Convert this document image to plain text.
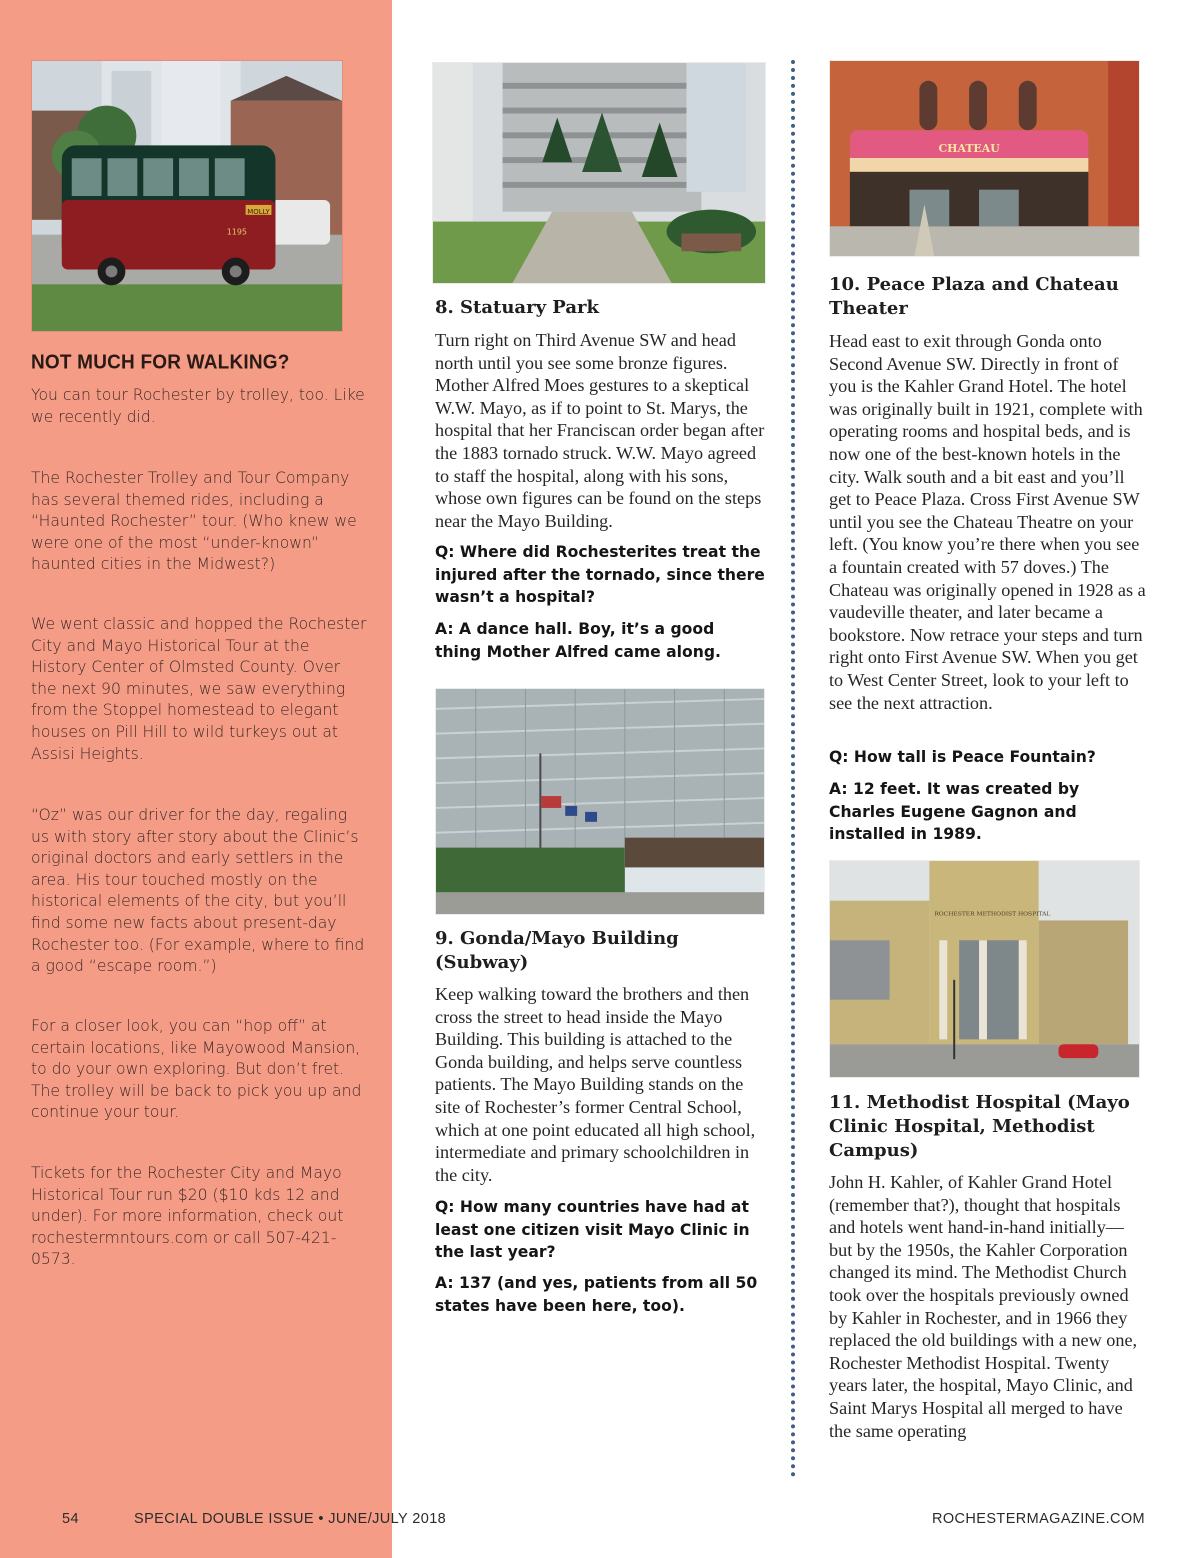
MOLLY
1195
NOT MUCH FOR WALKING?
You can tour Rochester by trolley, too. Like we recently did.
The Rochester Trolley and Tour Company has several themed rides, including a “Haunted Rochester” tour. (Who knew we were one of the most “under-known” haunted cities in the Midwest?)
We went classic and hopped the Rochester City and Mayo Historical Tour at the History Center of Olmsted County. Over the next 90 minutes, we saw everything from the Stoppel homestead to elegant houses on Pill Hill to wild turkeys out at Assisi Heights.
“Oz” was our driver for the day, regaling us with story after story about the Clinic’s original doctors and early settlers in the area. His tour touched mostly on the historical elements of the city, but you’ll find some new facts about present-day Rochester too. (For example, where to find a good “escape room.”)
For a closer look, you can “hop off” at certain locations, like Mayowood Mansion, to do your own exploring. But don’t fret. The trolley will be back to pick you up and continue your tour.
Tickets for the Rochester City and Mayo Historical Tour run $20 ($10 kds 12 and under). For more information, check out rochestermntours.com or call 507-421-0573.
8. Statuary Park
Turn right on Third Avenue SW and head north until you see some bronze figures. Mother Alfred Moes gestures to a skeptical W.W. Mayo, as if to point to St. Marys, the hospital that her Franciscan order began after the 1883 tornado struck. W.W. Mayo agreed to staff the hospital, along with his sons, whose own figures can be found on the steps near the Mayo Building.
Q: Where did Rochesterites treat the injured after the tornado, since there wasn’t a hospital?
A: A dance hall. Boy, it’s a good thing Mother Alfred came along.
9. Gonda/Mayo Building (Subway)
Keep walking toward the brothers and then cross the street to head inside the Mayo Building. This building is attached to the Gonda building, and helps serve countless patients. The Mayo Building stands on the site of Rochester’s former Central School, which at one point educated all high school, intermediate and primary schoolchildren in the city.
Q: How many countries have had at least one citizen visit Mayo Clinic in the last year?
A: 137 (and yes, patients from all 50 states have been here, too).
CHATEAU
10. Peace Plaza and Chateau Theater
Head east to exit through Gonda onto Second Avenue SW. Directly in front of you is the Kahler Grand Hotel. The hotel was originally built in 1921, complete with operating rooms and hospital beds, and is now one of the best-known hotels in the city. Walk south and a bit east and you’ll get to Peace Plaza. Cross First Avenue SW until you see the Chateau Theatre on your left. (You know you’re there when you see a fountain created with 57 doves.) The Chateau was originally opened in 1928 as a vaudeville theater, and later became a bookstore. Now retrace your steps and turn right onto First Avenue SW. When you get to West Center Street, look to your left to see the next attraction.
Q: How tall is Peace Fountain?
A: 12 feet. It was created by Charles Eugene Gagnon and installed in 1989.
ROCHESTER METHODIST HOSPITAL
11. Methodist Hospital (Mayo Clinic Hospital, Methodist Campus)
John H. Kahler, of Kahler Grand Hotel (remember that?), thought that hospitals and hotels went hand-in-hand initially—but by the 1950s, the Kahler Corporation changed its mind. The Methodist Church took over the hospitals previously owned by Kahler in Rochester, and in 1966 they replaced the old buildings with a new one, Rochester Methodist Hospital. Twenty years later, the hospital, Mayo Clinic, and Saint Marys Hospital all merged to have the same operating
54	SPECIAL DOUBLE ISSUE • JUNE/JULY 2018	ROCHESTERMAGAZINE.COM
